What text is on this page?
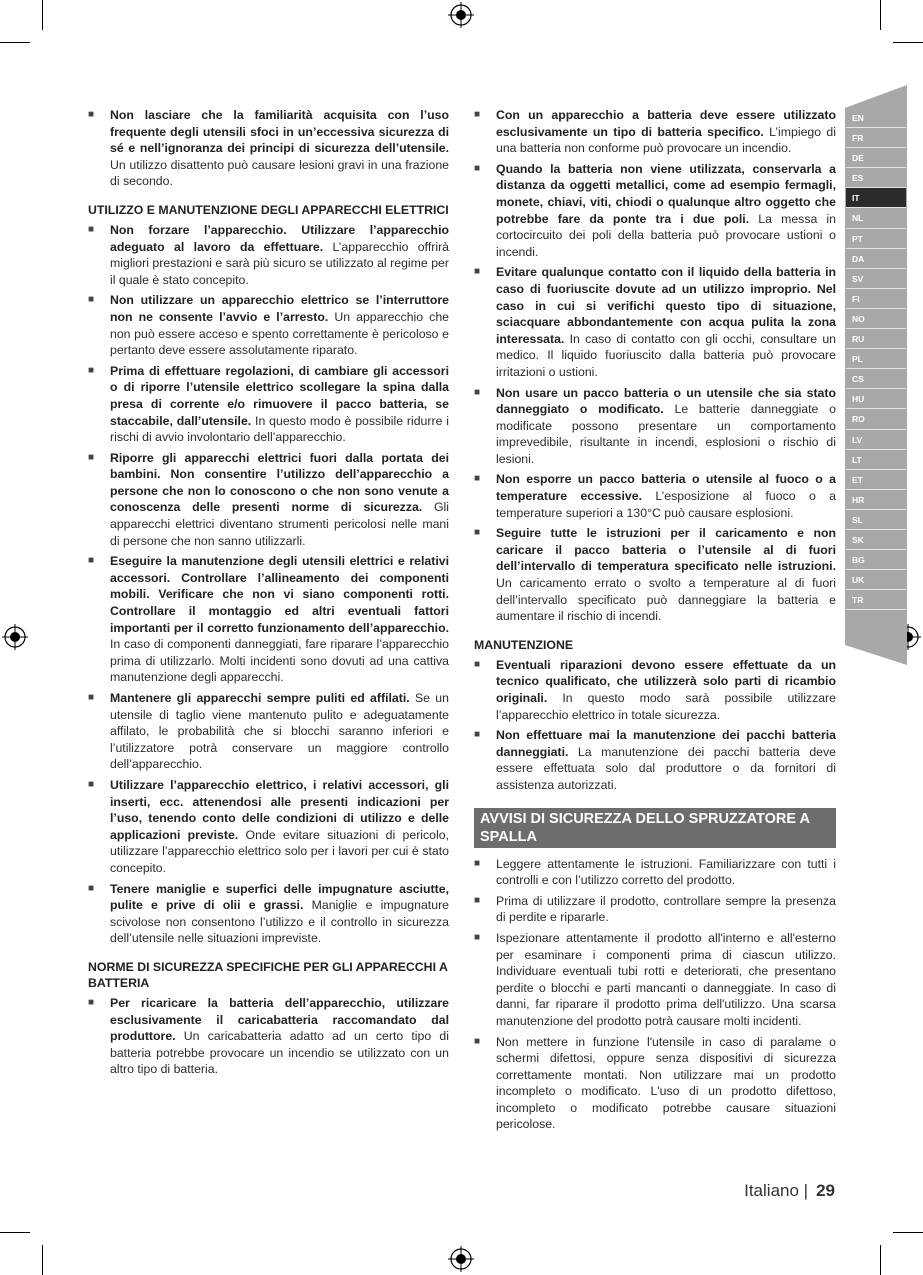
EN
FR
DE
ES
IT
NL
PT
DA
SV
FI
NO
RU
PL
CS
HU
RO
LV
LT
ET
HR
SL
SK
BG
UK
TR
■ Non lasciare che la familiarità acquisita con l’uso frequente degli utensili sfoci in un’eccessiva sicurezza di sé e nell’ignoranza dei principi di sicurezza dell’utensile. Un utilizzo disattento può causare lesioni gravi in una frazione di secondo.
UTILIZZO E MANUTENZIONE DEGLI APPARECCHI ELETTRICI
■ Non forzare l’apparecchio. Utilizzare l’apparecchio adeguato al lavoro da effettuare. L’apparecchio offrirà migliori prestazioni e sarà più sicuro se utilizzato al regime per il quale è stato concepito.
■ Non utilizzare un apparecchio elettrico se l’interruttore non ne consente l’avvio e l’arresto. Un apparecchio che non può essere acceso e spento correttamente è pericoloso e pertanto deve essere assolutamente riparato.
■ Prima di effettuare regolazioni, di cambiare gli accessori o di riporre l’utensile elettrico scollegare la spina dalla presa di corrente e/o rimuovere il pacco batteria, se staccabile, dall’utensile. In questo modo è possibile ridurre i rischi di avvio involontario dell’apparecchio.
■ Riporre gli apparecchi elettrici fuori dalla portata dei bambini. Non consentire l’utilizzo dell’apparecchio a persone che non lo conoscono o che non sono venute a conoscenza delle presenti norme di sicurezza. Gli apparecchi elettrici diventano strumenti pericolosi nelle mani di persone che non sanno utilizzarli.
■ Eseguire la manutenzione degli utensili elettrici e relativi accessori. Controllare l’allineamento dei componenti mobili. Verificare che non vi siano componenti rotti. Controllare il montaggio ed altri eventuali fattori importanti per il corretto funzionamento dell’apparecchio. In caso di componenti danneggiati, fare riparare l’apparecchio prima di utilizzarlo. Molti incidenti sono dovuti ad una cattiva manutenzione degli apparecchi.
■ Mantenere gli apparecchi sempre puliti ed affilati. Se un utensile di taglio viene mantenuto pulito e adeguatamente affilato, le probabilità che si blocchi saranno inferiori e l’utilizzatore potrà conservare un maggiore controllo dell’apparecchio.
■ Utilizzare l’apparecchio elettrico, i relativi accessori, gli inserti, ecc. attenendosi alle presenti indicazioni per l’uso, tenendo conto delle condizioni di utilizzo e delle applicazioni previste. Onde evitare situazioni di pericolo, utilizzare l’apparecchio elettrico solo per i lavori per cui è stato concepito.
■ Tenere maniglie e superfici delle impugnature asciutte, pulite e prive di olii e grassi. Maniglie e impugnature scivolose non consentono l’utilizzo e il controllo in sicurezza dell’utensile nelle situazioni impreviste.
NORME DI SICUREZZA SPECIFICHE PER GLI APPARECCHI A BATTERIA
■ Per ricaricare la batteria dell’apparecchio, utilizzare esclusivamente il caricabatteria raccomandato dal produttore. Un caricabatteria adatto ad un certo tipo di batteria potrebbe provocare un incendio se utilizzato con un altro tipo di batteria.
■ Con un apparecchio a batteria deve essere utilizzato esclusivamente un tipo di batteria specifico. L’impiego di una batteria non conforme può provocare un incendio.
■ Quando la batteria non viene utilizzata, conservarla a distanza da oggetti metallici, come ad esempio fermagli, monete, chiavi, viti, chiodi o qualunque altro oggetto che potrebbe fare da ponte tra i due poli. La messa in cortocircuito dei poli della batteria può provocare ustioni o incendi.
■ Evitare qualunque contatto con il liquido della batteria in caso di fuoriuscite dovute ad un utilizzo improprio. Nel caso in cui si verifichi questo tipo di situazione, sciacquare abbondantemente con acqua pulita la zona interessata. In caso di contatto con gli occhi, consultare un medico. Il liquido fuoriuscito dalla batteria può provocare irritazioni o ustioni.
■ Non usare un pacco batteria o un utensile che sia stato danneggiato o modificato. Le batterie danneggiate o modificate possono presentare un comportamento imprevedibile, risultante in incendi, esplosioni o rischio di lesioni.
■ Non esporre un pacco batteria o utensile al fuoco o a temperature eccessive. L’esposizione al fuoco o a temperature superiori a 130°C può causare esplosioni.
■ Seguire tutte le istruzioni per il caricamento e non caricare il pacco batteria o l’utensile al di fuori dell’intervallo di temperatura specificato nelle istruzioni. Un caricamento errato o svolto a temperature al di fuori dell’intervallo specificato può danneggiare la batteria e aumentare il rischio di incendi.
MANUTENZIONE
■ Eventuali riparazioni devono essere effettuate da un tecnico qualificato, che utilizzerà solo parti di ricambio originali. In questo modo sarà possibile utilizzare l’apparecchio elettrico in totale sicurezza.
■ Non effettuare mai la manutenzione dei pacchi batteria danneggiati. La manutenzione dei pacchi batteria deve essere effettuata solo dal produttore o da fornitori di assistenza autorizzati.
AVVISI DI SICUREZZA DELLO SPRUZZATORE A SPALLA
■ Leggere attentamente le istruzioni. Familiarizzare con tutti i controlli e con l’utilizzo corretto del prodotto.
■ Prima di utilizzare il prodotto, controllare sempre la presenza di perdite e ripararle.
■ Ispezionare attentamente il prodotto all'interno e all'esterno per esaminare i componenti prima di ciascun utilizzo. Individuare eventuali tubi rotti e deteriorati, che presentano perdite o blocchi e parti mancanti o danneggiate. In caso di danni, far riparare il prodotto prima dell'utilizzo. Una scarsa manutenzione del prodotto potrà causare molti incidenti.
■ Non mettere in funzione l'utensile in caso di paralame o schermi difettosi, oppure senza dispositivi di sicurezza correttamente montati. Non utilizzare mai un prodotto incompleto o modificato. L'uso di un prodotto difettoso, incompleto o modificato potrebbe causare situazioni pericolose.
Italiano | 29
